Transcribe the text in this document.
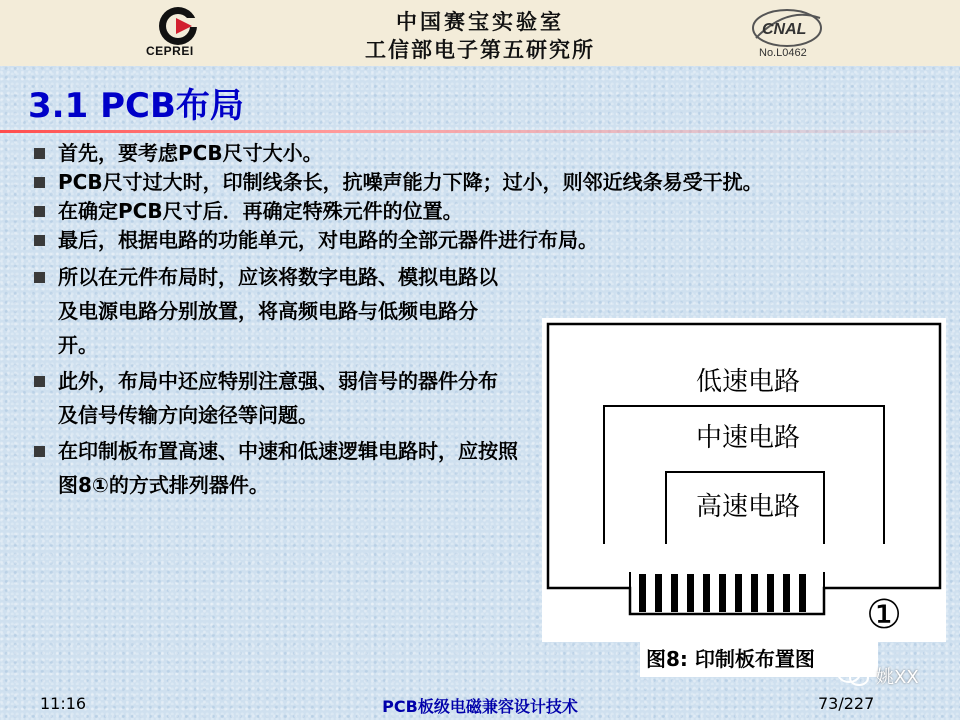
CEPREI
中国赛宝实验室
工信部电子第五研究所
CNAL
No.L0462
3.1 PCB布局
首先，要考虑PCB尺寸大小。
PCB尺寸过大时，印制线条长，抗噪声能力下降；过小，则邻近线条易受干扰。
在确定PCB尺寸后．再确定特殊元件的位置。
最后，根据电路的功能单元，对电路的全部元器件进行布局。
所以在元件布局时，应该将数字电路、模拟电路以及电源电路分别放置，将高频电路与低频电路分开。
此外，布局中还应特别注意强、弱信号的器件分布及信号传输方向途径等问题。
在印制板布置高速、中速和低速逻辑电路时，应按照图8①的方式排列器件。
低速电路
中速电路
高速电路
①
图8: 印制板布置图
姚XX
11:16	PCB板级电磁兼容设计技术	73/227
